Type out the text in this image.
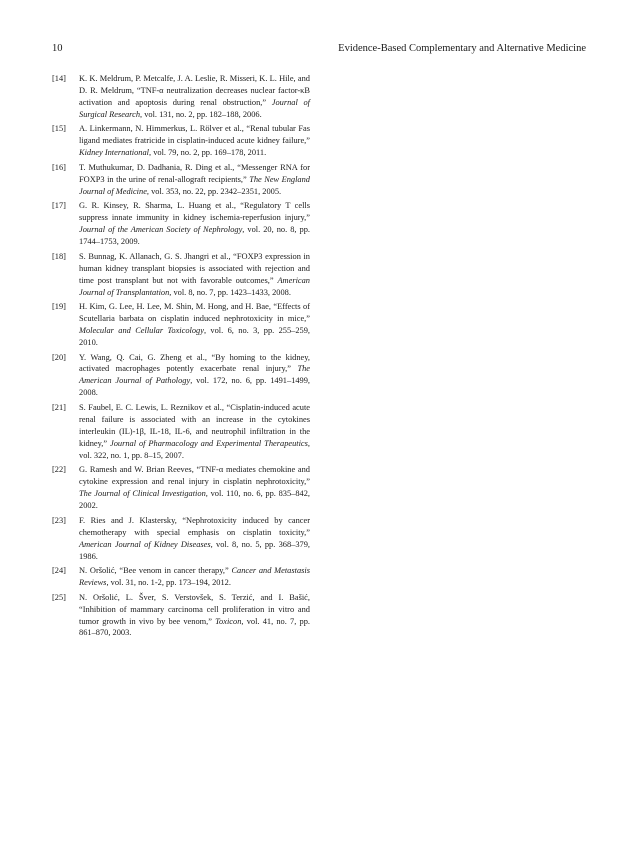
10	Evidence-Based Complementary and Alternative Medicine
[14] K. K. Meldrum, P. Metcalfe, J. A. Leslie, R. Misseri, K. L. Hile, and D. R. Meldrum, “TNF-α neutralization decreases nuclear factor-κB activation and apoptosis during renal obstruction,” Journal of Surgical Research, vol. 131, no. 2, pp. 182–188, 2006.
[15] A. Linkermann, N. Himmerkus, L. Rölver et al., “Renal tubular Fas ligand mediates fratricide in cisplatin-induced acute kidney failure,” Kidney International, vol. 79, no. 2, pp. 169–178, 2011.
[16] T. Muthukumar, D. Dadhania, R. Ding et al., “Messenger RNA for FOXP3 in the urine of renal-allograft recipients,” The New England Journal of Medicine, vol. 353, no. 22, pp. 2342–2351, 2005.
[17] G. R. Kinsey, R. Sharma, L. Huang et al., “Regulatory T cells suppress innate immunity in kidney ischemia-reperfusion injury,” Journal of the American Society of Nephrology, vol. 20, no. 8, pp. 1744–1753, 2009.
[18] S. Bunnag, K. Allanach, G. S. Jhangri et al., “FOXP3 expression in human kidney transplant biopsies is associated with rejection and time post transplant but not with favorable outcomes,” American Journal of Transplantation, vol. 8, no. 7, pp. 1423–1433, 2008.
[19] H. Kim, G. Lee, H. Lee, M. Shin, M. Hong, and H. Bae, “Effects of Scutellaria barbata on cisplatin induced nephrotoxicity in mice,” Molecular and Cellular Toxicology, vol. 6, no. 3, pp. 255–259, 2010.
[20] Y. Wang, Q. Cai, G. Zheng et al., “By homing to the kidney, activated macrophages potently exacerbate renal injury,” The American Journal of Pathology, vol. 172, no. 6, pp. 1491–1499, 2008.
[21] S. Faubel, E. C. Lewis, L. Reznikov et al., “Cisplatin-induced acute renal failure is associated with an increase in the cytokines interleukin (IL)-1β, IL-18, IL-6, and neutrophil infiltration in the kidney,” Journal of Pharmacology and Experimental Therapeutics, vol. 322, no. 1, pp. 8–15, 2007.
[22] G. Ramesh and W. Brian Reeves, “TNF-α mediates chemokine and cytokine expression and renal injury in cisplatin nephrotoxicity,” The Journal of Clinical Investigation, vol. 110, no. 6, pp. 835–842, 2002.
[23] F. Ries and J. Klastersky, “Nephrotoxicity induced by cancer chemotherapy with special emphasis on cisplatin toxicity,” American Journal of Kidney Diseases, vol. 8, no. 5, pp. 368–379, 1986.
[24] N. Oršolić, “Bee venom in cancer therapy,” Cancer and Metastasis Reviews, vol. 31, no. 1-2, pp. 173–194, 2012.
[25] N. Oršolić, L. Šver, S. Verstovšek, S. Terzić, and I. Bašić, “Inhibition of mammary carcinoma cell proliferation in vitro and tumor growth in vivo by bee venom,” Toxicon, vol. 41, no. 7, pp. 861–870, 2003.
